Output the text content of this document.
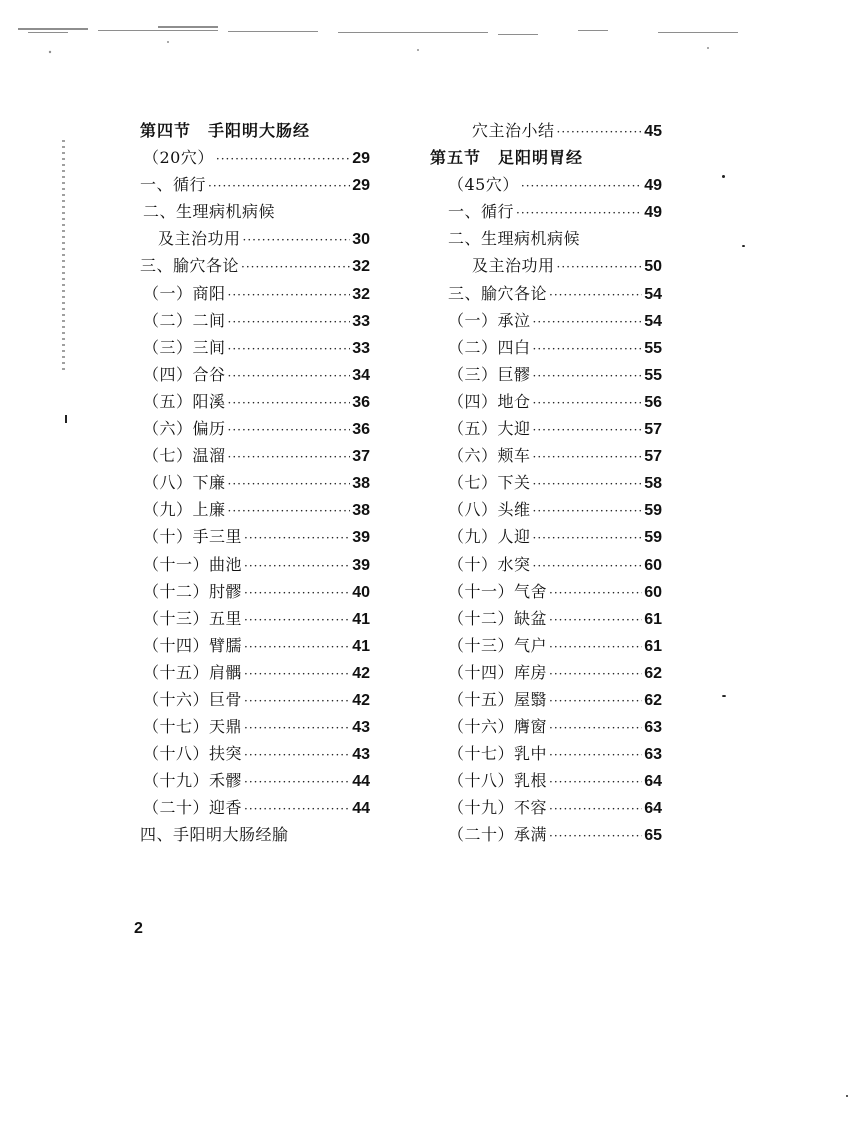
第四节　手阳明大肠经
（20穴） ·····	29
一、循行 ·····	29
二、生理病机病候
及主治功用 ·····	30
三、腧穴各论 ·····	32
（一）商阳 ·····	32
（二）二间 ·····	33
（三）三间 ·····	33
（四）合谷 ·····	34
（五）阳溪 ·····	36
（六）偏历 ·····	36
（七）温溜 ·····	37
（八）下廉 ·····	38
（九）上廉 ·····	38
（十）手三里 ·····	39
（十一）曲池 ·····	39
（十二）肘髎 ·····	40
（十三）五里 ·····	41
（十四）臂臑 ·····	41
（十五）肩髃 ·····	42
（十六）巨骨 ·····	42
（十七）天鼎 ·····	43
（十八）扶突 ·····	43
（十九）禾髎 ·····	44
（二十）迎香 ·····	44
四、手阳明大肠经腧
穴主治小结 ·····	45
第五节　足阳明胃经
（45穴） ·····	49
一、循行 ·····	49
二、生理病机病候
及主治功用 ·····	50
三、腧穴各论 ·····	54
（一）承泣 ·····	54
（二）四白 ·····	55
（三）巨髎 ·····	55
（四）地仓 ·····	56
（五）大迎 ·····	57
（六）颊车 ·····	57
（七）下关 ·····	58
（八）头维 ·····	59
（九）人迎 ·····	59
（十）水突 ·····	60
（十一）气舍 ·····	60
（十二）缺盆 ·····	61
（十三）气户 ·····	61
（十四）库房 ·····	62
（十五）屋翳 ·····	62
（十六）膺窗 ·····	63
（十七）乳中 ·····	63
（十八）乳根 ·····	64
（十九）不容 ·····	64
（二十）承满 ·····	65
2
